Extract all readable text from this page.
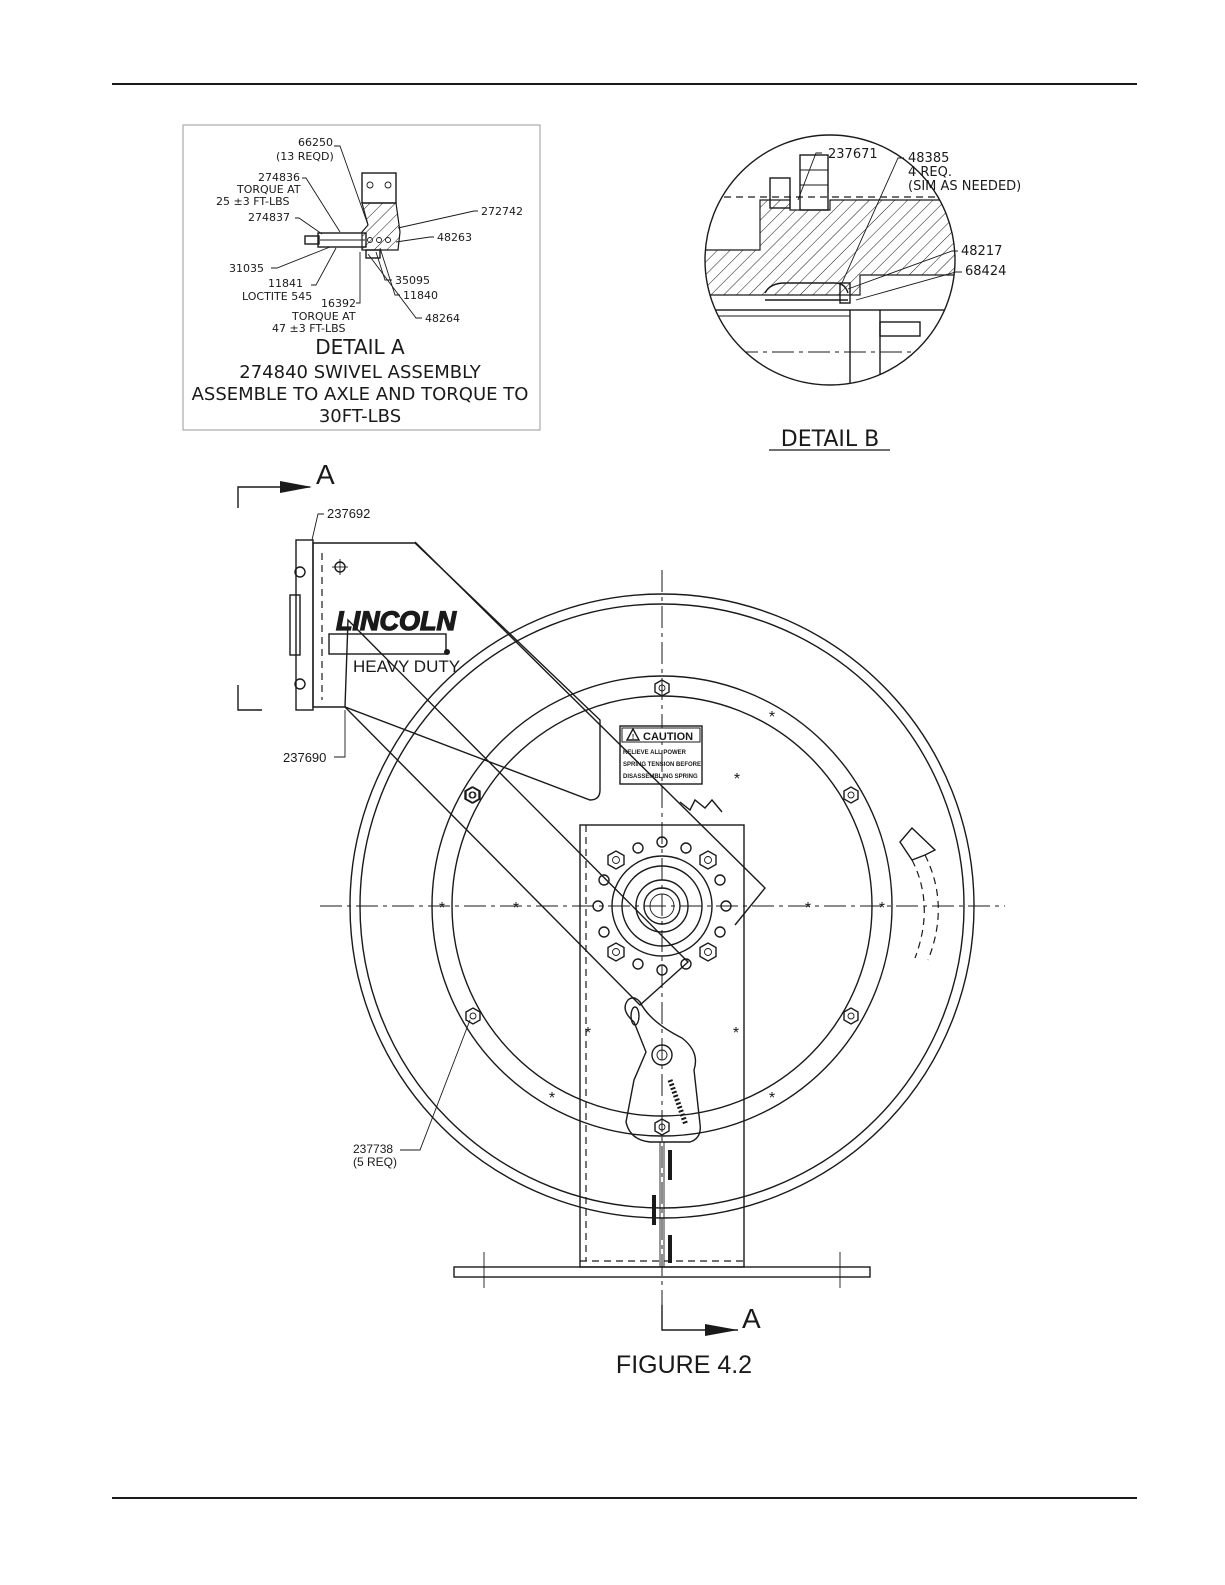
66250
(13 REQD)
274836
TORQUE AT
25 ±3 FT-LBS
274837	272742
48263
31035
35095
11841
11840
LOCTITE 545
16392
TORQUE AT
47 ±3 FT-LBS
48264
DETAIL A
274840 SWIVEL ASSEMBLY
ASSEMBLE TO AXLE AND TORQUE TO
30FT-LBS
237671 48385
4 REQ.
(SIM AS NEEDED)
48217
68424
DETAIL B
A
A
*
*	*
*	*
*	*
*
*	*
! CAUTION
RELIEVE ALL POWER
SPRING TENSION BEFORE
DISASSEMBLING SPRING
LINCOLN
HEAVY DUTY
237692
237690
237738
(5 REQ)
FIGURE 4.2
